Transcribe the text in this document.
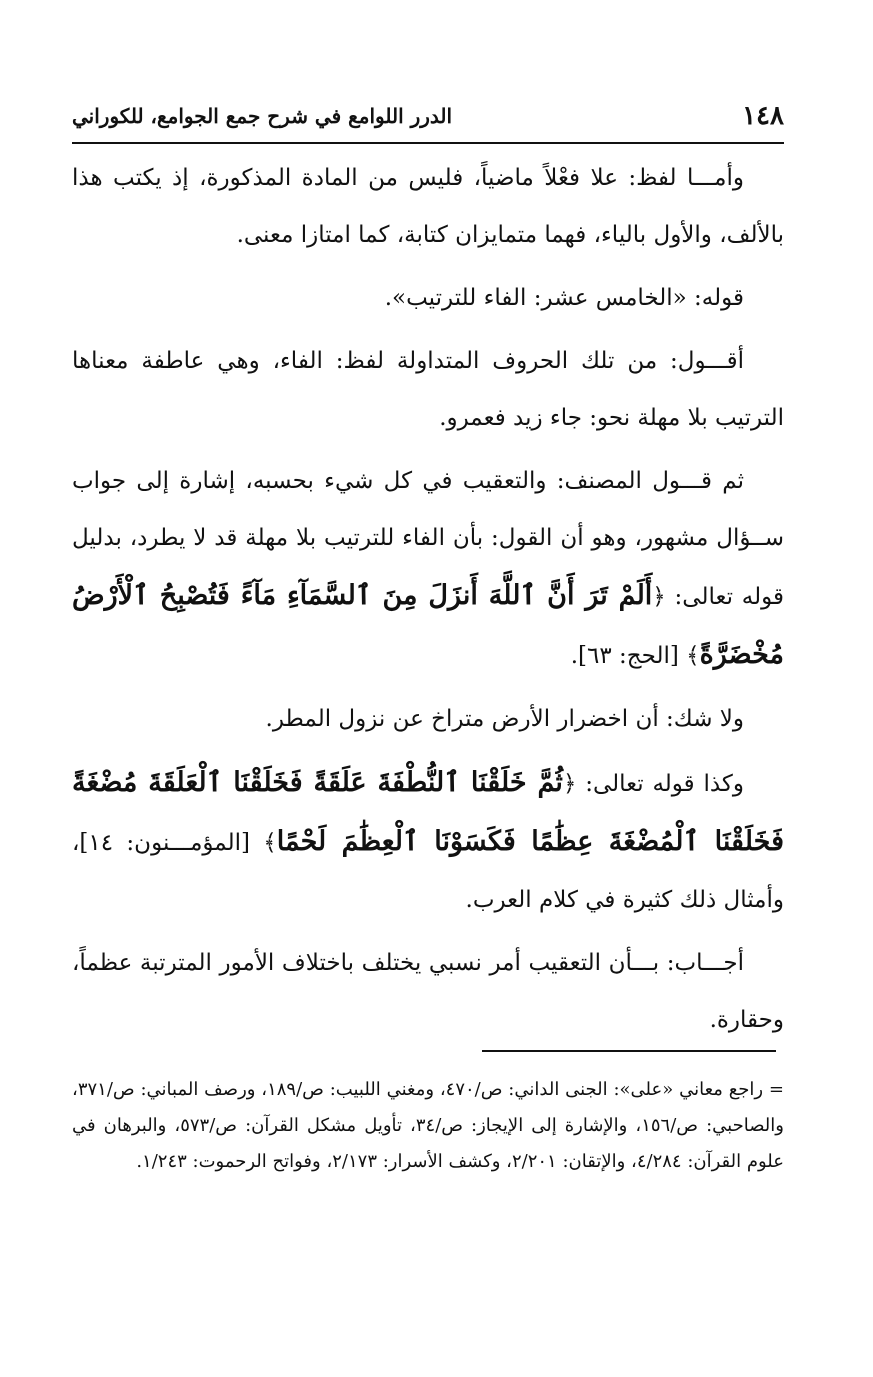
١٤٨
الدرر اللوامع في شرح جمع الجوامع، للكوراني

وأمـــا لفظ: علا فعْلاً ماضياً، فليس من المادة المذكورة، إذ يكتب هذا بالألف، والأول بالياء، فهما متمايزان كتابة، كما امتازا معنى.

قوله: «الخامس عشر: الفاء للترتيب».

أقـــول: من تلك الحروف المتداولة لفظ: الفاء، وهي عاطفة معناها الترتيب بلا مهلة نحو: جاء زيد فعمرو.

ثم قـــول المصنف: والتعقيب في كل شيء بحسبه، إشارة إلى جواب ســؤال مشهور، وهو أن القول: بأن الفاء للترتيب بلا مهلة قد لا يطرد، بدليل قوله تعالى: ﴿أَلَمْ تَرَ أَنَّ ٱللَّهَ أَنزَلَ مِنَ ٱلسَّمَآءِ مَآءً فَتُصْبِحُ ٱلْأَرْضُ مُخْضَرَّةً﴾ [الحج: ٦٣].

ولا شك: أن اخضرار الأرض متراخ عن نزول المطر.

وكذا قوله تعالى: ﴿ثُمَّ خَلَقْنَا ٱلنُّطْفَةَ عَلَقَةً فَخَلَقْنَا ٱلْعَلَقَةَ مُضْغَةً فَخَلَقْنَا ٱلْمُضْغَةَ عِظَٰمًا فَكَسَوْنَا ٱلْعِظَٰمَ لَحْمًا﴾ [المؤمـــنون: ١٤]، وأمثال ذلك كثيرة في كلام العرب.

أجـــاب: بـــأن التعقيب أمر نسبي يختلف باختلاف الأمور المترتبة عظماً، وحقارة.

= راجع معاني «على»: الجنى الداني: ص/٤٧٠، ومغني اللبيب: ص/١٨٩، ورصف المباني: ص/٣٧١، والصاحبي: ص/١٥٦، والإشارة إلى الإيجاز: ص/٣٤، تأويل مشكل القرآن: ص/٥٧٣، والبرهان في علوم القرآن: ٤/٢٨٤، والإتقان: ٢/٢٠١، وكشف الأسرار: ٢/١٧٣، وفواتح الرحموت: ١/٢٤٣.
